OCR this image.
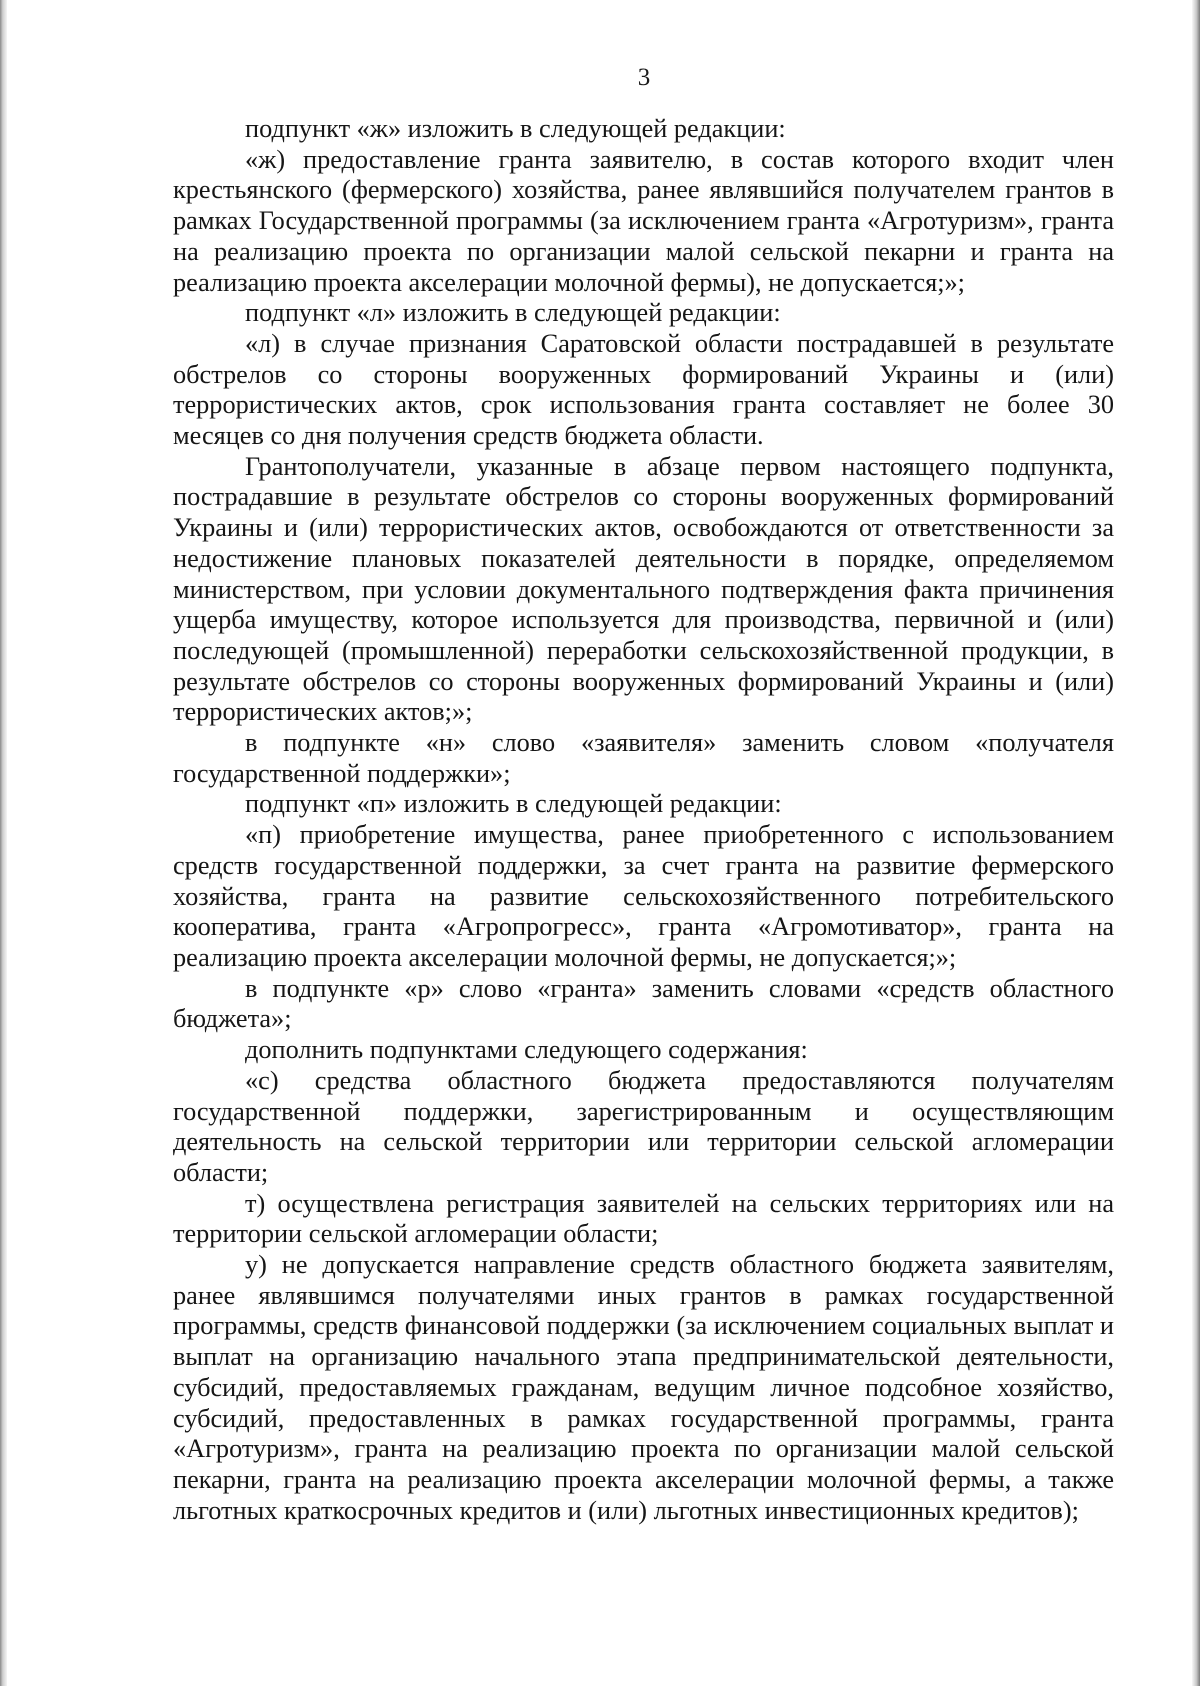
3

подпункт «ж» изложить в следующей редакции:

«ж) предоставление гранта заявителю, в состав которого входит член крестьянского (фермерского) хозяйства, ранее являвшийся получателем грантов в рамках Государственной программы (за исключением гранта «Агротуризм», гранта на реализацию проекта по организации малой сельской пекарни и гранта на реализацию проекта акселерации молочной фермы), не допускается;»;

подпункт «л» изложить в следующей редакции:

«л) в случае признания Саратовской области пострадавшей в результате обстрелов со стороны вооруженных формирований Украины и (или) террористических актов, срок использования гранта составляет не более 30 месяцев со дня получения средств бюджета области.

Грантополучатели, указанные в абзаце первом настоящего подпункта, пострадавшие в результате обстрелов со стороны вооруженных формирований Украины и (или) террористических актов, освобождаются от ответственности за недостижение плановых показателей деятельности в порядке, определяемом министерством, при условии документального подтверждения факта причинения ущерба имуществу, которое используется для производства, первичной и (или) последующей (промышленной) переработки сельскохозяйственной продукции, в результате обстрелов со стороны вооруженных формирований Украины и (или) террористических актов;»;

в подпункте «н» слово «заявителя» заменить словом «получателя государственной поддержки»;

подпункт «п» изложить в следующей редакции:

«п) приобретение имущества, ранее приобретенного с использованием средств государственной поддержки, за счет гранта на развитие фермерского хозяйства, гранта на развитие сельскохозяйственного потребительского кооператива, гранта «Агропрогресс», гранта «Агромотиватор», гранта на реализацию проекта акселерации молочной фермы, не допускается;»;

в подпункте «р» слово «гранта» заменить словами «средств областного бюджета»;

дополнить подпунктами следующего содержания:

«с) средства областного бюджета предоставляются получателям государственной поддержки, зарегистрированным и осуществляющим деятельность на сельской территории или территории сельской агломерации области;

т) осуществлена регистрация заявителей на сельских территориях или на территории сельской агломерации области;

у) не допускается направление средств областного бюджета заявителям, ранее являвшимся получателями иных грантов в рамках государственной программы, средств финансовой поддержки (за исключением социальных выплат и выплат на организацию начального этапа предпринимательской деятельности, субсидий, предоставляемых гражданам, ведущим личное подсобное хозяйство, субсидий, предоставленных в рамках государственной программы, гранта «Агротуризм», гранта на реализацию проекта по организации малой сельской пекарни, гранта на реализацию проекта акселерации молочной фермы, а также льготных краткосрочных кредитов и (или) льготных инвестиционных кредитов);
